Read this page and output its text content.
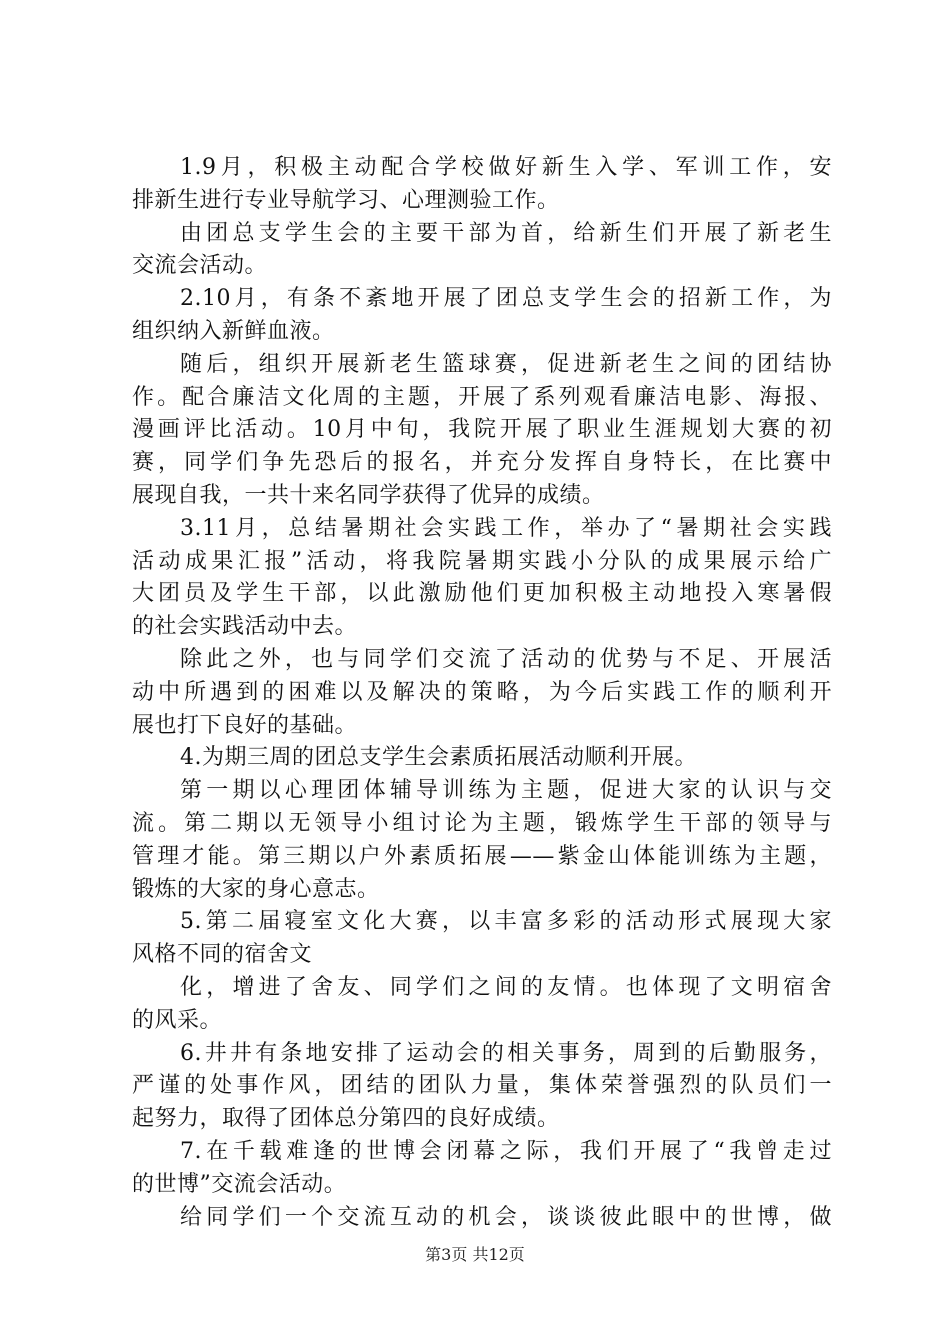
1.9月，积极主动配合学校做好新生入学、军训工作，安
排新生进行专业导航学习、心理测验工作。
由团总支学生会的主要干部为首，给新生们开展了新老生
交流会活动。
2.10月，有条不紊地开展了团总支学生会的招新工作，为
组织纳入新鲜血液。
随后，组织开展新老生篮球赛，促进新老生之间的团结协
作。配合廉洁文化周的主题，开展了系列观看廉洁电影、海报、
漫画评比活动。10月中旬，我院开展了职业生涯规划大赛的初
赛，同学们争先恐后的报名，并充分发挥自身特长，在比赛中
展现自我，一共十来名同学获得了优异的成绩。
3.11月，总结暑期社会实践工作，举办了“暑期社会实践
活动成果汇报”活动，将我院暑期实践小分队的成果展示给广
大团员及学生干部，以此激励他们更加积极主动地投入寒暑假
的社会实践活动中去。
除此之外，也与同学们交流了活动的优势与不足、开展活
动中所遇到的困难以及解决的策略，为今后实践工作的顺利开
展也打下良好的基础。
4.为期三周的团总支学生会素质拓展活动顺利开展。
第一期以心理团体辅导训练为主题，促进大家的认识与交
流。第二期以无领导小组讨论为主题，锻炼学生干部的领导与
管理才能。第三期以户外素质拓展——紫金山体能训练为主题，
锻炼的大家的身心意志。
5.第二届寝室文化大赛，以丰富多彩的活动形式展现大家
风格不同的宿舍文
化，增进了舍友、同学们之间的友情。也体现了文明宿舍
的风采。
6.井井有条地安排了运动会的相关事务，周到的后勤服务，
严谨的处事作风，团结的团队力量，集体荣誉强烈的队员们一
起努力，取得了团体总分第四的良好成绩。
7.在千载难逢的世博会闭幕之际，我们开展了“我曾走过
的世博”交流会活动。
给同学们一个交流互动的机会，谈谈彼此眼中的世博，做
第3页 共12页
